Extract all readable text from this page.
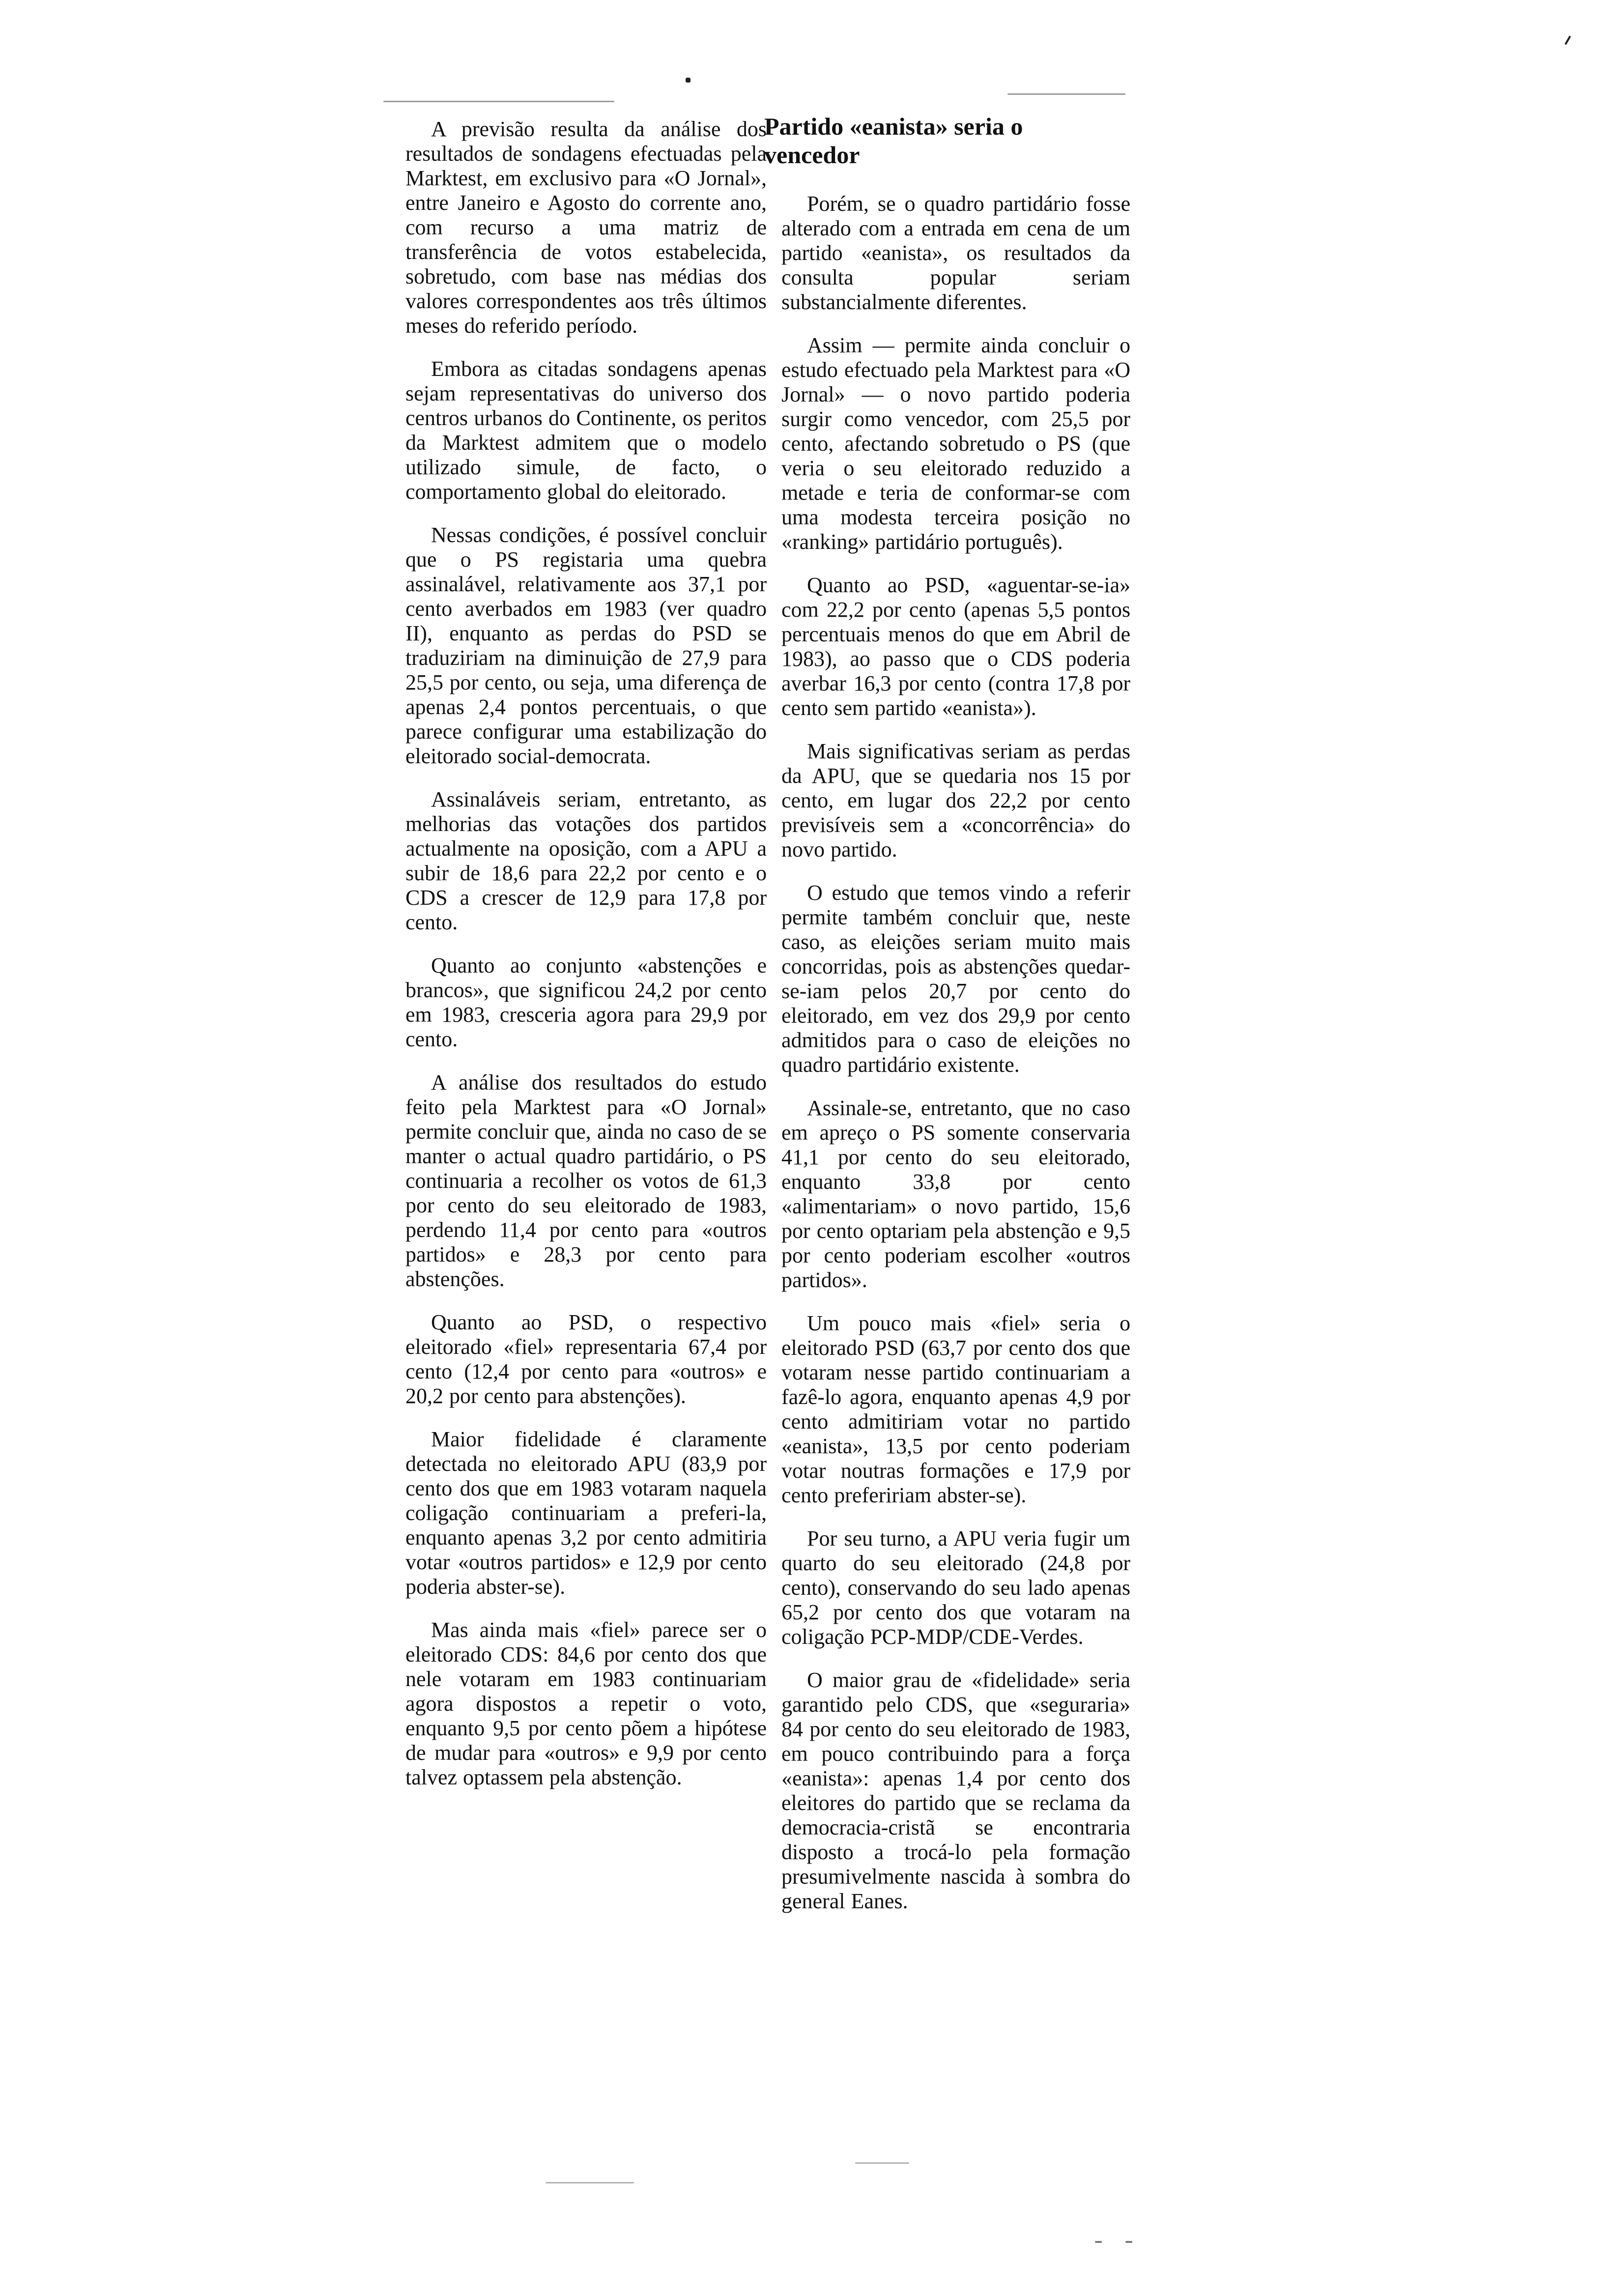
Partido «eanista» seria o vencedor

A previsão resulta da análise dos resultados de sondagens efectuadas pela Marktest, em exclusivo para «O Jornal», entre Janeiro e Agosto do corrente ano, com recurso a uma matriz de transferência de votos estabelecida, sobretudo, com base nas médias dos valores correspondentes aos três últimos meses do referido período.

Embora as citadas sondagens apenas sejam representativas do universo dos centros urbanos do Continente, os peritos da Marktest admitem que o modelo utilizado simule, de facto, o comportamento global do eleitorado.

Nessas condições, é possível concluir que o PS registaria uma quebra assinalável, relativamente aos 37,1 por cento averbados em 1983 (ver quadro II), enquanto as perdas do PSD se traduziriam na diminuição de 27,9 para 25,5 por cento, ou seja, uma diferença de apenas 2,4 pontos percentuais, o que parece configurar uma estabilização do eleitorado social-democrata.

Assinaláveis seriam, entretanto, as melhorias das votações dos partidos actualmente na oposição, com a APU a subir de 18,6 para 22,2 por cento e o CDS a crescer de 12,9 para 17,8 por cento.

Quanto ao conjunto «abstenções e brancos», que significou 24,2 por cento em 1983, cresceria agora para 29,9 por cento.

A análise dos resultados do estudo feito pela Marktest para «O Jornal» permite concluir que, ainda no caso de se manter o actual quadro partidário, o PS continuaria a recolher os votos de 61,3 por cento do seu eleitorado de 1983, perdendo 11,4 por cento para «outros partidos» e 28,3 por cento para abstenções.

Quanto ao PSD, o respectivo eleitorado «fiel» representaria 67,4 por cento (12,4 por cento para «outros» e 20,2 por cento para abstenções).

Maior fidelidade é claramente detectada no eleitorado APU (83,9 por cento dos que em 1983 votaram naquela coligação continuariam a preferi-la, enquanto apenas 3,2 por cento admitiria votar «outros partidos» e 12,9 por cento poderia abster-se).

Mas ainda mais «fiel» parece ser o eleitorado CDS: 84,6 por cento dos que nele votaram em 1983 continuariam agora dispostos a repetir o voto, enquanto 9,5 por cento põem a hipótese de mudar para «outros» e 9,9 por cento talvez optassem pela abstenção.

Porém, se o quadro partidário fosse alterado com a entrada em cena de um partido «eanista», os resultados da consulta popular seriam substancialmente diferentes.

Assim — permite ainda concluir o estudo efectuado pela Marktest para «O Jornal» — o novo partido poderia surgir como vencedor, com 25,5 por cento, afectando sobretudo o PS (que veria o seu eleitorado reduzido a metade e teria de conformar-se com uma modesta terceira posição no «ranking» partidário português).

Quanto ao PSD, «aguentar-se-ia» com 22,2 por cento (apenas 5,5 pontos percentuais menos do que em Abril de 1983), ao passo que o CDS poderia averbar 16,3 por cento (contra 17,8 por cento sem partido «eanista»).

Mais significativas seriam as perdas da APU, que se quedaria nos 15 por cento, em lugar dos 22,2 por cento previsíveis sem a «concorrência» do novo partido.

O estudo que temos vindo a referir permite também concluir que, neste caso, as eleições seriam muito mais concorridas, pois as abstenções quedar-se-iam pelos 20,7 por cento do eleitorado, em vez dos 29,9 por cento admitidos para o caso de eleições no quadro partidário existente.

Assinale-se, entretanto, que no caso em apreço o PS somente conservaria 41,1 por cento do seu eleitorado, enquanto 33,8 por cento «alimentariam» o novo partido, 15,6 por cento optariam pela abstenção e 9,5 por cento poderiam escolher «outros partidos».

Um pouco mais «fiel» seria o eleitorado PSD (63,7 por cento dos que votaram nesse partido continuariam a fazê-lo agora, enquanto apenas 4,9 por cento admitiriam votar no partido «eanista», 13,5 por cento poderiam votar noutras formações e 17,9 por cento prefeririam abster-se).

Por seu turno, a APU veria fugir um quarto do seu eleitorado (24,8 por cento), conservando do seu lado apenas 65,2 por cento dos que votaram na coligação PCP-MDP/CDE-Verdes.

O maior grau de «fidelidade» seria garantido pelo CDS, que «seguraria» 84 por cento do seu eleitorado de 1983, em pouco contribuindo para a força «eanista»: apenas 1,4 por cento dos eleitores do partido que se reclama da democracia-cristã se encontraria disposto a trocá-lo pela formação presumivelmente nascida à sombra do general Eanes.
